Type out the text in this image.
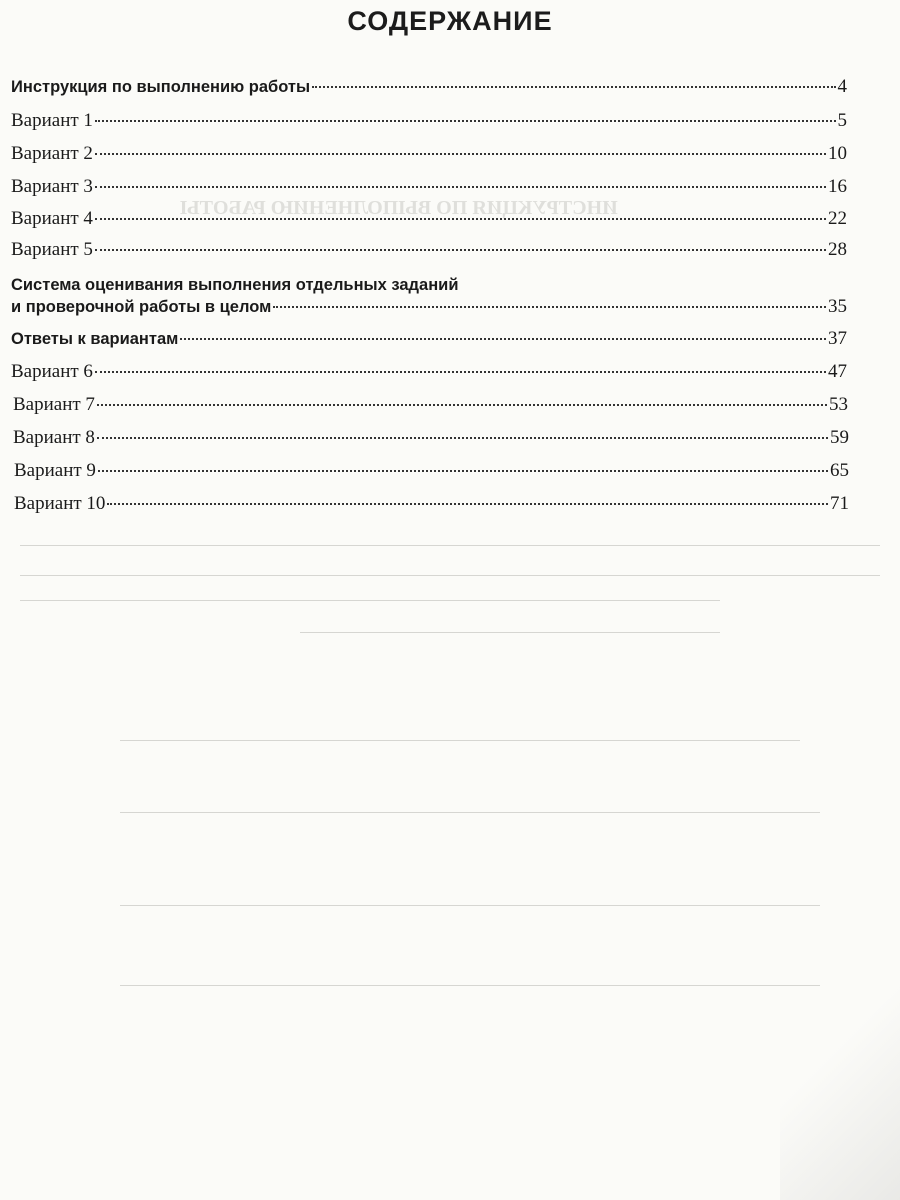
ИНСТРУКЦИЯ ПО ВЫПОЛНЕНИЮ РАБОТЫ
СОДЕРЖАНИЕ
Инструкция по выполнению работы	4
Вариант 1	5
Вариант 2	10
Вариант 3	16
Вариант 4	22
Вариант 5	28
Система оценивания выполнения отдельных заданий
и проверочной работы в целом	35
Ответы к вариантам	37
Вариант 6	47
Вариант 7	53
Вариант 8	59
Вариант 9	65
Вариант 10	71
